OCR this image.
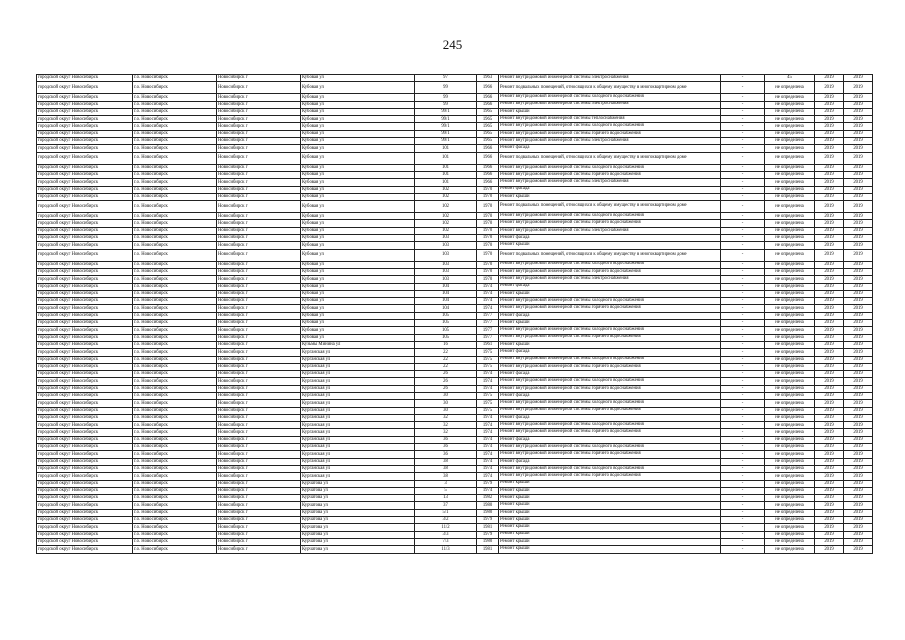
245
городской округ Новосибирск	г.о. Новосибирск	Новосибирск г	Кубовая ул	97	1963	Ремонт внутридомовой инженерной системы электроснабжения	-	45	2019	2019
городской округ Новосибирск	г.о. Новосибирск	Новосибирск г	Кубовая ул	99	1966	Ремонт подвальных помещений, относящихся к общему имуществу в многоквартирном доме	-	не определена	2019	2019
городской округ Новосибирск	г.о. Новосибирск	Новосибирск г	Кубовая ул	99	1966	Ремонт внутридомовой инженерной системы холодного водоснабжения	-	не определена	2019	2019
городской округ Новосибирск	г.о. Новосибирск	Новосибирск г	Кубовая ул	99	1966	Ремонт внутридомовой инженерной системы электроснабжения	-	не определена	2019	2019
городской округ Новосибирск	г.о. Новосибирск	Новосибирск г	Кубовая ул	99/1	1965	Ремонт крыши	-	не определена	2019	2019
городской округ Новосибирск	г.о. Новосибирск	Новосибирск г	Кубовая ул	99/1	1965	Ремонт внутридомовой инженерной системы теплоснабжения	-	не определена	2019	2019
городской округ Новосибирск	г.о. Новосибирск	Новосибирск г	Кубовая ул	99/1	1965	Ремонт внутридомовой инженерной системы холодного водоснабжения	-	не определена	2019	2019
городской округ Новосибирск	г.о. Новосибирск	Новосибирск г	Кубовая ул	99/1	1965	Ремонт внутридомовой инженерной системы горячего водоснабжения	-	не определена	2019	2019
городской округ Новосибирск	г.о. Новосибирск	Новосибирск г	Кубовая ул	99/1	1965	Ремонт внутридомовой инженерной системы электроснабжения	-	не определена	2019	2019
городской округ Новосибирск	г.о. Новосибирск	Новосибирск г	Кубовая ул	101	1966	Ремонт фасада	-	не определена	2019	2019
городской округ Новосибирск	г.о. Новосибирск	Новосибирск г	Кубовая ул	101	1966	Ремонт подвальных помещений, относящихся к общему имуществу в многоквартирном доме	-	не определена	2019	2019
городской округ Новосибирск	г.о. Новосибирск	Новосибирск г	Кубовая ул	101	1966	Ремонт внутридомовой инженерной системы холодного водоснабжения	-	не определена	2019	2019
городской округ Новосибирск	г.о. Новосибирск	Новосибирск г	Кубовая ул	101	1966	Ремонт внутридомовой инженерной системы горячего водоснабжения	-	не определена	2019	2019
городской округ Новосибирск	г.о. Новосибирск	Новосибирск г	Кубовая ул	101	1966	Ремонт внутридомовой инженерной системы электроснабжения	-	не определена	2019	2019
городской округ Новосибирск	г.о. Новосибирск	Новосибирск г	Кубовая ул	102	1970	Ремонт фасада	-	не определена	2019	2019
городской округ Новосибирск	г.о. Новосибирск	Новосибирск г	Кубовая ул	102	1970	Ремонт крыши	-	не определена	2019	2019
городской округ Новосибирск	г.о. Новосибирск	Новосибирск г	Кубовая ул	102	1970	Ремонт подвальных помещений, относящихся к общему имуществу в многоквартирном доме	-	не определена	2019	2019
городской округ Новосибирск	г.о. Новосибирск	Новосибирск г	Кубовая ул	102	1970	Ремонт внутридомовой инженерной системы холодного водоснабжения	-	не определена	2019	2019
городской округ Новосибирск	г.о. Новосибирск	Новосибирск г	Кубовая ул	102	1970	Ремонт внутридомовой инженерной системы горячего водоснабжения	-	не определена	2019	2019
городской округ Новосибирск	г.о. Новосибирск	Новосибирск г	Кубовая ул	102	1970	Ремонт внутридомовой инженерной системы электроснабжения	-	не определена	2019	2019
городской округ Новосибирск	г.о. Новосибирск	Новосибирск г	Кубовая ул	103	1970	Ремонт фасада	-	не определена	2019	2019
городской округ Новосибирск	г.о. Новосибирск	Новосибирск г	Кубовая ул	103	1970	Ремонт крыши	-	не определена	2019	2019
городской округ Новосибирск	г.о. Новосибирск	Новосибирск г	Кубовая ул	103	1970	Ремонт подвальных помещений, относящихся к общему имуществу в многоквартирном доме	-	не определена	2019	2019
городской округ Новосибирск	г.о. Новосибирск	Новосибирск г	Кубовая ул	103	1970	Ремонт внутридомовой инженерной системы холодного водоснабжения	-	не определена	2019	2019
городской округ Новосибирск	г.о. Новосибирск	Новосибирск г	Кубовая ул	103	1970	Ремонт внутридомовой инженерной системы горячего водоснабжения	-	не определена	2019	2019
городской округ Новосибирск	г.о. Новосибирск	Новосибирск г	Кубовая ул	103	1970	Ремонт внутридомовой инженерной системы электроснабжения	-	не определена	2019	2019
городской округ Новосибирск	г.о. Новосибирск	Новосибирск г	Кубовая ул	104	1974	Ремонт фасада	-	не определена	2019	2019
городской округ Новосибирск	г.о. Новосибирск	Новосибирск г	Кубовая ул	104	1974	Ремонт крыши	-	не определена	2019	2019
городской округ Новосибирск	г.о. Новосибирск	Новосибирск г	Кубовая ул	104	1974	Ремонт внутридомовой инженерной системы холодного водоснабжения	-	не определена	2019	2019
городской округ Новосибирск	г.о. Новосибирск	Новосибирск г	Кубовая ул	104	1974	Ремонт внутридомовой инженерной системы горячего водоснабжения	-	не определена	2019	2019
городской округ Новосибирск	г.о. Новосибирск	Новосибирск г	Кубовая ул	105	1977	Ремонт фасада	-	не определена	2019	2019
городской округ Новосибирск	г.о. Новосибирск	Новосибирск г	Кубовая ул	105	1977	Ремонт крыши	-	не определена	2019	2019
городской округ Новосибирск	г.о. Новосибирск	Новосибирск г	Кубовая ул	105	1977	Ремонт внутридомовой инженерной системы холодного водоснабжения	-	не определена	2019	2019
городской округ Новосибирск	г.о. Новосибирск	Новосибирск г	Кубовая ул	105	1977	Ремонт внутридомовой инженерной системы горячего водоснабжения	-	не определена	2019	2019
городской округ Новосибирск	г.о. Новосибирск	Новосибирск г	Кузьмы Минина ул	16	1961	Ремонт крыши	-	не определена	2019	2019
городской округ Новосибирск	г.о. Новосибирск	Новосибирск г	Курганская ул	22	1975	Ремонт фасада	-	не определена	2019	2019
городской округ Новосибирск	г.о. Новосибирск	Новосибирск г	Курганская ул	22	1975	Ремонт внутридомовой инженерной системы холодного водоснабжения	-	не определена	2019	2019
городской округ Новосибирск	г.о. Новосибирск	Новосибирск г	Курганская ул	22	1975	Ремонт внутридомовой инженерной системы горячего водоснабжения	-	не определена	2019	2019
городской округ Новосибирск	г.о. Новосибирск	Новосибирск г	Курганская ул	26	1974	Ремонт фасада	-	не определена	2019	2019
городской округ Новосибирск	г.о. Новосибирск	Новосибирск г	Курганская ул	26	1974	Ремонт внутридомовой инженерной системы холодного водоснабжения	-	не определена	2019	2019
городской округ Новосибирск	г.о. Новосибирск	Новосибирск г	Курганская ул	26	1974	Ремонт внутридомовой инженерной системы горячего водоснабжения	-	не определена	2019	2019
городской округ Новосибирск	г.о. Новосибирск	Новосибирск г	Курганская ул	30	1975	Ремонт фасада	-	не определена	2019	2019
городской округ Новосибирск	г.о. Новосибирск	Новосибирск г	Курганская ул	30	1975	Ремонт внутридомовой инженерной системы холодного водоснабжения	-	не определена	2019	2019
городской округ Новосибирск	г.о. Новосибирск	Новосибирск г	Курганская ул	30	1975	Ремонт внутридомовой инженерной системы горячего водоснабжения	-	не определена	2019	2019
городской округ Новосибирск	г.о. Новосибирск	Новосибирск г	Курганская ул	32	1974	Ремонт фасада	-	не определена	2019	2019
городской округ Новосибирск	г.о. Новосибирск	Новосибирск г	Курганская ул	32	1974	Ремонт внутридомовой инженерной системы холодного водоснабжения	-	не определена	2019	2019
городской округ Новосибирск	г.о. Новосибирск	Новосибирск г	Курганская ул	32	1974	Ремонт внутридомовой инженерной системы горячего водоснабжения	-	не определена	2019	2019
городской округ Новосибирск	г.о. Новосибирск	Новосибирск г	Курганская ул	36	1974	Ремонт фасада	-	не определена	2019	2019
городской округ Новосибирск	г.о. Новосибирск	Новосибирск г	Курганская ул	36	1974	Ремонт внутридомовой инженерной системы холодного водоснабжения	-	не определена	2019	2019
городской округ Новосибирск	г.о. Новосибирск	Новосибирск г	Курганская ул	36	1974	Ремонт внутридомовой инженерной системы горячего водоснабжения	-	не определена	2019	2019
городской округ Новосибирск	г.о. Новосибирск	Новосибирск г	Курганская ул	38	1974	Ремонт фасада	-	не определена	2019	2019
городской округ Новосибирск	г.о. Новосибирск	Новосибирск г	Курганская ул	38	1974	Ремонт внутридомовой инженерной системы холодного водоснабжения	-	не определена	2019	2019
городской округ Новосибирск	г.о. Новосибирск	Новосибирск г	Курганская ул	38	1974	Ремонт внутридомовой инженерной системы горячего водоснабжения	-	не определена	2019	2019
городской округ Новосибирск	г.о. Новосибирск	Новосибирск г	Курчатова ул	3	1979	Ремонт крыши	-	не определена	2019	2019
городской округ Новосибирск	г.о. Новосибирск	Новосибирск г	Курчатова ул	5	1974	Ремонт крыши	-	не определена	2019	2019
городской округ Новосибирск	г.о. Новосибирск	Новосибирск г	Курчатова ул	13	1982	Ремонт крыши	-	не определена	2019	2019
городской округ Новосибирск	г.о. Новосибирск	Новосибирск г	Курчатова ул	37	1980	Ремонт крыши	-	не определена	2019	2019
городской округ Новосибирск	г.о. Новосибирск	Новосибирск г	Курчатова ул	5/1	1980	Ремонт крыши	-	не определена	2019	2019
городской округ Новосибирск	г.о. Новосибирск	Новосибирск г	Курчатова ул	3/2	1979	Ремонт крыши	-	не определена	2019	2019
городской округ Новосибирск	г.о. Новосибирск	Новосибирск г	Курчатова ул	11/2	1981	Ремонт крыши	-	не определена	2019	2019
городской округ Новосибирск	г.о. Новосибирск	Новосибирск г	Курчатова ул	3/3	1979	Ремонт крыши	-	не определена	2019	2019
городской округ Новосибирск	г.о. Новосибирск	Новосибирск г	Курчатова ул	7/3	1980	Ремонт крыши	-	не определена	2019	2019
городской округ Новосибирск	г.о. Новосибирск	Новосибирск г	Курчатова ул	11/3	1981	Ремонт крыши	-	не определена	2019	2019
